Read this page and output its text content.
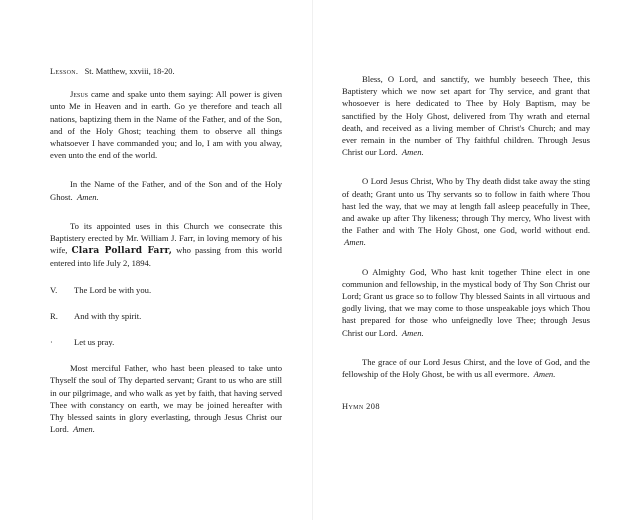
Lesson. St. Matthew, xxviii, 18-20.

Jesus came and spake unto them saying: All power is given unto Me in Heaven and in earth. Go ye therefore and teach all nations, baptizing them in the Name of the Father, and of the Son, and of the Holy Ghost; teaching them to observe all things whatsoever I have commanded you; and lo, I am with you alway, even unto the end of the world.

In the Name of the Father, and of the Son and of the Holy Ghost. Amen.

To its appointed uses in this Church we consecrate this Baptistery erected by Mr. William J. Farr, in loving memory of his wife, Clara Pollard Farr, who passing from this world entered into life July 2, 1894.

V.	The Lord be with you.

R.	And with thy spirit.

·	Let us pray.

Most merciful Father, who hast been pleased to take unto Thyself the soul of Thy departed servant; Grant to us who are still in our pilgrimage, and who walk as yet by faith, that having served Thee with constancy on earth, we may be joined hereafter with Thy blessed saints in glory everlasting, through Jesus Christ our Lord. Amen.

Bless, O Lord, and sanctify, we humbly beseech Thee, this Baptistery which we now set apart for Thy service, and grant that whosoever is here dedicated to Thee by Holy Baptism, may be sanctified by the Holy Ghost, delivered from Thy wrath and eternal death, and received as a living member of Christ's Church; and may ever remain in the number of Thy faithful children. Through Jesus Christ our Lord. Amen.

O Lord Jesus Christ, Who by Thy death didst take away the sting of death; Grant unto us Thy servants so to follow in faith where Thou hast led the way, that we may at length fall asleep peacefully in Thee, and awake up after Thy likeness; through Thy mercy, Who livest with the Father and with The Holy Ghost, one God, world without end.  Amen.

O Almighty God, Who hast knit together Thine elect in one communion and fellowship, in the mystical body of Thy Son Christ our Lord; Grant us grace so to follow Thy blessed Saints in all virtuous and godly living, that we may come to those unspeakable joys which Thou hast prepared for those who unfeignedly love Thee; through Jesus Christ our Lord. Amen.

The grace of our Lord Jesus Chirst, and the love of God, and the fellowship of the Holy Ghost, be with us all evermore. Amen.

Hymn 208
